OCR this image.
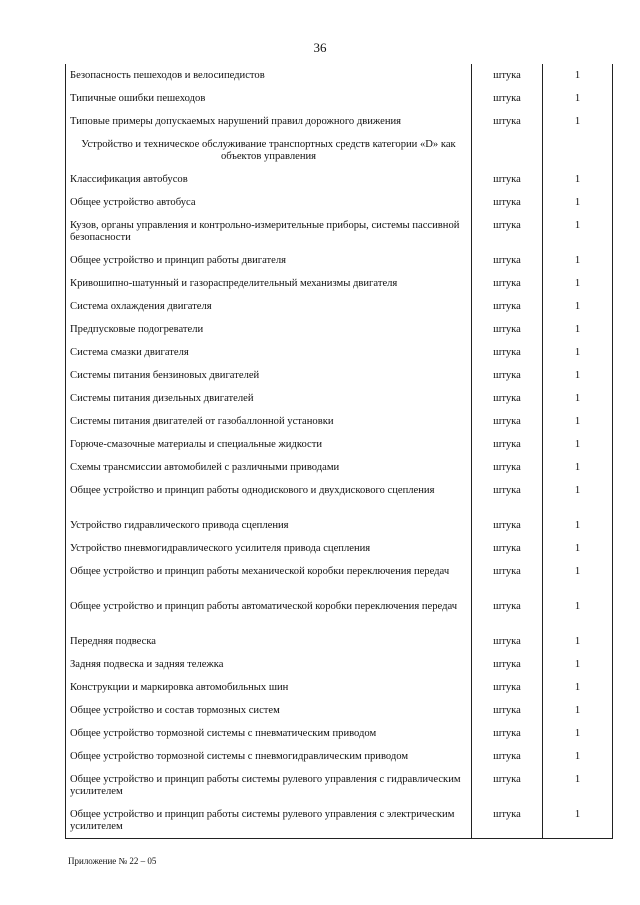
36
Безопасность пешеходов и велосипедистов	штука	1
Типичные ошибки пешеходов	штука	1
Типовые примеры допускаемых нарушений правил дорожного движения	штука	1
Устройство и техническое обслуживание транспортных средств категории «D» как объектов управления		
Классификация автобусов	штука	1
Общее устройство автобуса	штука	1
Кузов, органы управления и контрольно-измерительные приборы, системы пассивной безопасности	штука	1
Общее устройство и принцип работы двигателя	штука	1
Кривошипно-шатунный и газораспределительный механизмы двигателя	штука	1
Система охлаждения двигателя	штука	1
Предпусковые подогреватели	штука	1
Система смазки двигателя	штука	1
Системы питания бензиновых двигателей	штука	1
Системы питания дизельных двигателей	штука	1
Системы питания двигателей от газобаллонной установки	штука	1
Горюче-смазочные материалы и специальные жидкости	штука	1
Схемы трансмиссии автомобилей с различными приводами	штука	1
Общее устройство и принцип работы однодискового и двухдискового сцепления	штука	1
Устройство гидравлического привода сцепления	штука	1
Устройство пневмогидравлического усилителя привода сцепления	штука	1
Общее устройство и принцип работы механической коробки переключения передач	штука	1
Общее устройство и принцип работы автоматической коробки переключения передач	штука	1
Передняя подвеска	штука	1
Задняя подвеска и задняя тележка	штука	1
Конструкции и маркировка автомобильных шин	штука	1
Общее устройство и состав тормозных систем	штука	1
Общее устройство тормозной системы с пневматическим приводом	штука	1
Общее устройство тормозной системы с пневмогидравлическим приводом	штука	1
Общее устройство и принцип работы системы рулевого управления с гидравлическим усилителем	штука	1
Общее устройство и принцип работы системы рулевого управления с электрическим усилителем	штука	1
Приложение № 22 – 05
